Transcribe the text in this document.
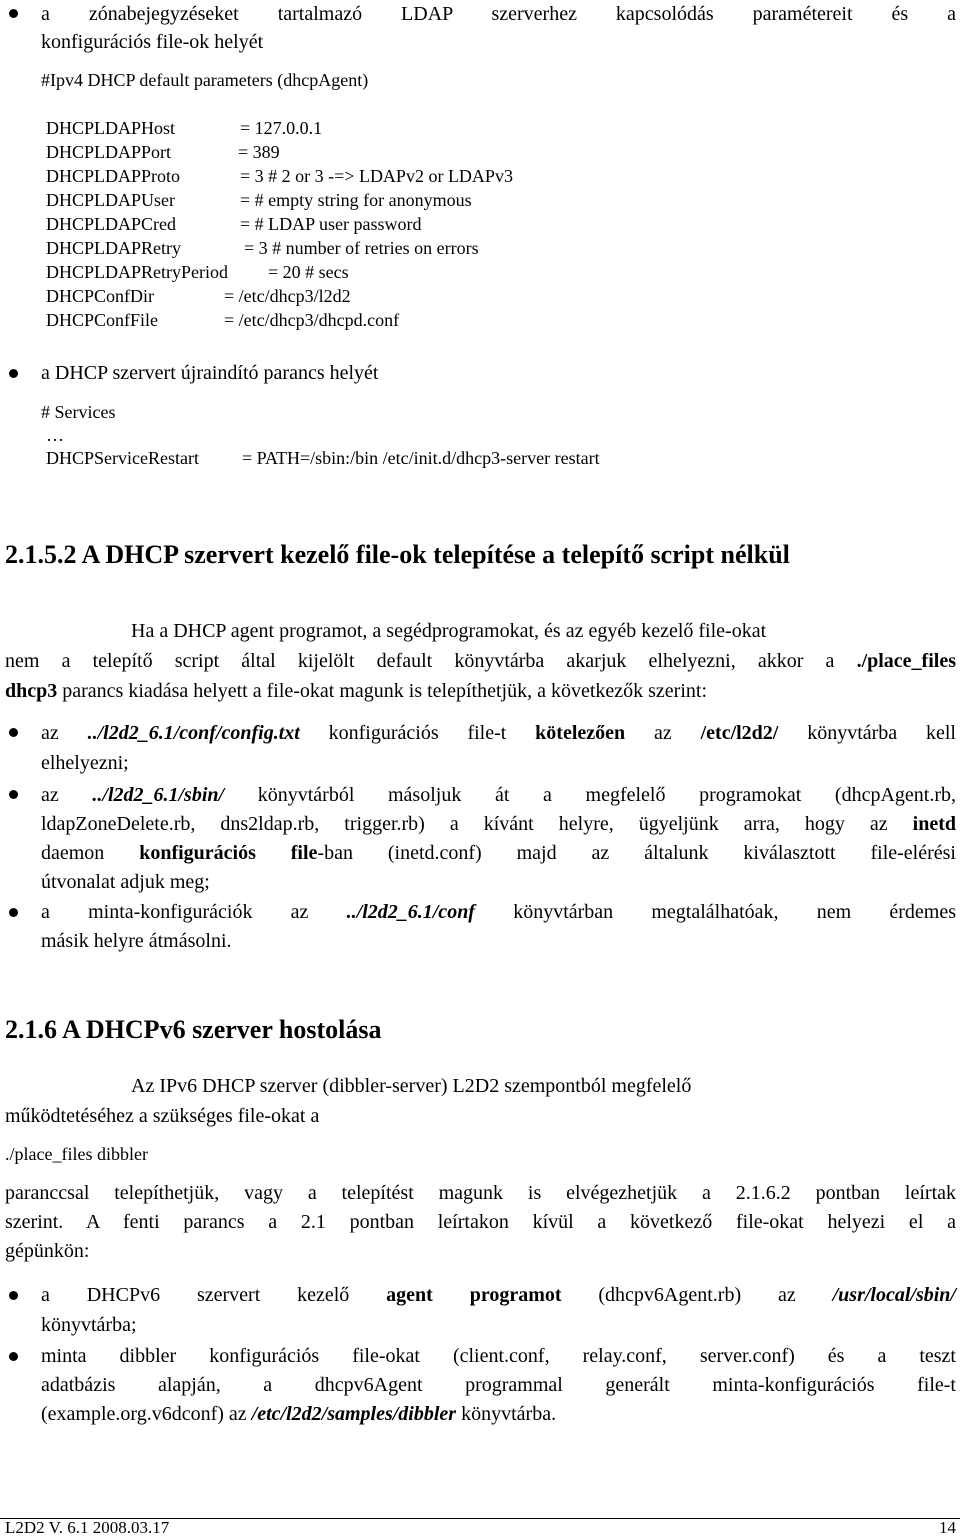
a zónabejegyzéseket tartalmazó LDAP szerverhez kapcsolódás paramétereit és a
konfigurációs file-ok helyét
#Ipv4 DHCP default parameters (dhcpAgent)
DHCPLDAPHost	= 127.0.0.1
DHCPLDAPPort	= 389
DHCPLDAPProto	= 3 # 2 or 3 -=> LDAPv2 or LDAPv3
DHCPLDAPUser	= # empty string for anonymous
DHCPLDAPCred	= # LDAP user password
DHCPLDAPRetry	= 3 # number of retries on errors
DHCPLDAPRetryPeriod = 20 # secs
DHCPConfDir	= /etc/dhcp3/l2d2
DHCPConfFile	= /etc/dhcp3/dhcpd.conf
a DHCP szervert újraindító parancs helyét
# Services
…
DHCPServiceRestart = PATH=/sbin:/bin /etc/init.d/dhcp3-server restart
2.1.5.2 A DHCP szervert kezelő file-ok telepítése a telepítő script nélkül
Ha a DHCP agent programot, a segédprogramokat, és az egyéb kezelő file-okat
nem a telepítő script által kijelölt default könyvtárba akarjuk elhelyezni, akkor a ./place_files
dhcp3 parancs kiadása helyett a file-okat magunk is telepíthetjük, a következők szerint:
az ../l2d2_6.1/conf/config.txt konfigurációs file-t kötelezően az /etc/l2d2/ könyvtárba kell
elhelyezni;
az ../l2d2_6.1/sbin/ könyvtárból másoljuk át a megfelelő programokat (dhcpAgent.rb,
ldapZoneDelete.rb, dns2ldap.rb, trigger.rb) a kívánt helyre, ügyeljünk arra, hogy az inetd
daemon konfigurációs file-ban (inetd.conf) majd az általunk kiválasztott file-elérési
útvonalat adjuk meg;
a minta-konfigurációk az ../l2d2_6.1/conf könyvtárban megtalálhatóak, nem érdemes
másik helyre átmásolni.
2.1.6 A DHCPv6 szerver hostolása
Az IPv6 DHCP szerver (dibbler-server) L2D2 szempontból megfelelő
működtetéséhez a szükséges file-okat a
./place_files dibbler
paranccsal telepíthetjük, vagy a telepítést magunk is elvégezhetjük a 2.1.6.2 pontban leírtak
szerint. A fenti parancs a 2.1 pontban leírtakon kívül a következő file-okat helyezi el a
gépünkön:
a DHCPv6 szervert kezelő agent programot (dhcpv6Agent.rb) az /usr/local/sbin/
könyvtárba;
minta dibbler konfigurációs file-okat (client.conf, relay.conf, server.conf) és a teszt
adatbázis alapján, a dhcpv6Agent programmal generált minta-konfigurációs file-t
(example.org.v6dconf) az /etc/l2d2/samples/dibbler könyvtárba.
L2D2 V. 6.1 2008.03.17	14
